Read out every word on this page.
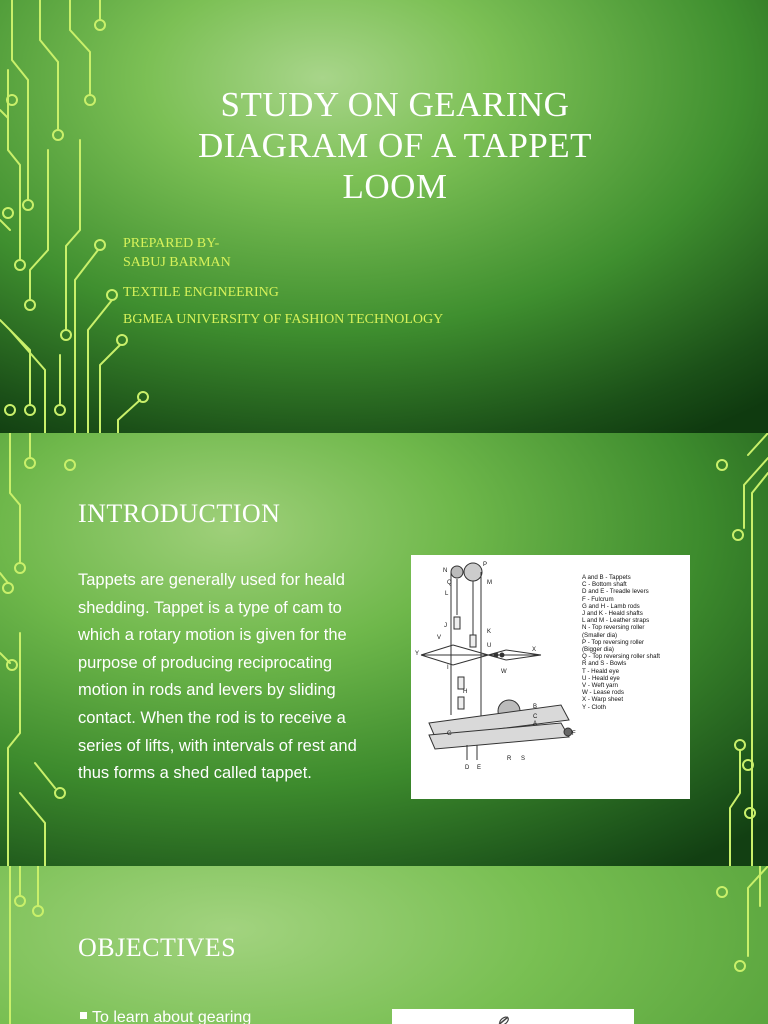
STUDY ON GEARING DIAGRAM OF A TAPPET LOOM

PREPARED BY-
SABUJ BARMAN

TEXTILE ENGINEERING

BGMEA UNIVERSITY OF FASHION TECHNOLOGY

INTRODUCTION

Tappets are generally used for heald shedding. Tappet is a type of cam to which a rotary motion is given for the purpose of producing reciprocating motion in rods and levers by sliding contact. When the rod is to receive a series of lifts, with intervals of rest and thus forms a shed called tappet.

N
P
Q	M
L
J
K
U
V
Y
I
X
W
B
C
A
G	F
D E
R S
H
A and B - Tappets
C - Bottom shaft
D and E - Treadle levers
F - Fulcrum
G and H - Lamb rods
J and K - Heald shafts
L and M - Leather straps
N - Top reversing roller
(Smaller dia)
P - Top reversing roller
(Bigger dia)
Q - Top reversing roller shaft
R and S - Bowls
T - Heald eye
U - Heald eye
V - Weft yarn
W - Lease rods
X - Warp sheet
Y - Cloth
OBJECTIVES
To learn about gearing
